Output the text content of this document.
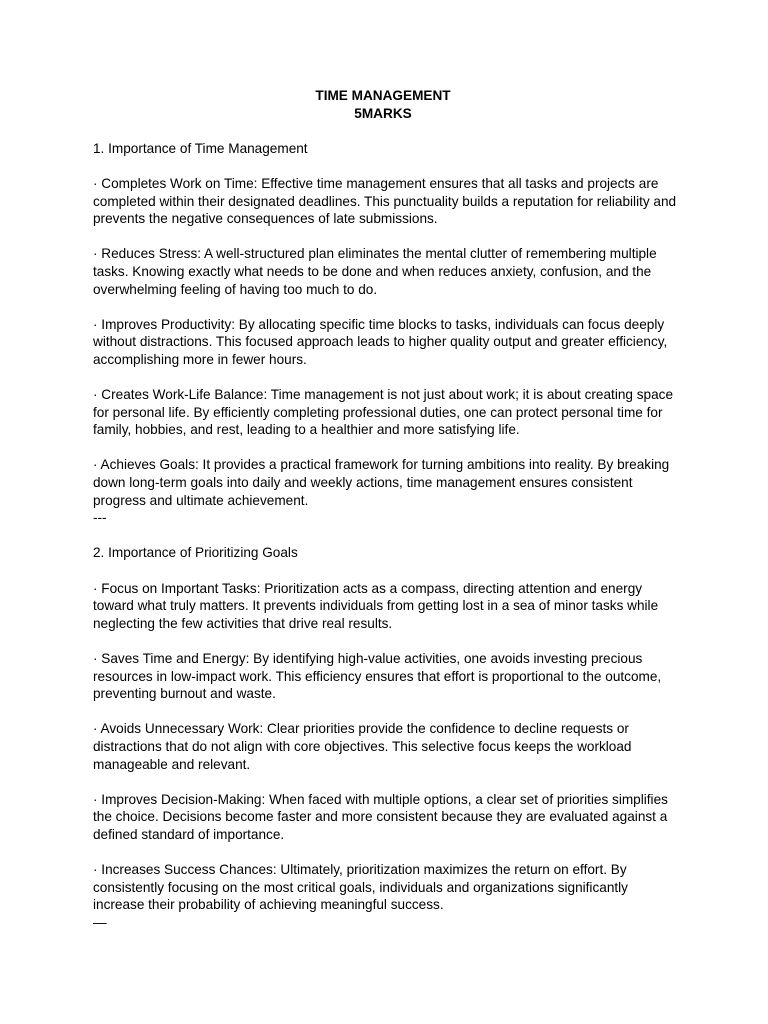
TIME MANAGEMENT
5MARKS

1. Importance of Time Management

· Completes Work on Time: Effective time management ensures that all tasks and projects are completed within their designated deadlines. This punctuality builds a reputation for reliability and prevents the negative consequences of late submissions.

· Reduces Stress: A well-structured plan eliminates the mental clutter of remembering multiple tasks. Knowing exactly what needs to be done and when reduces anxiety, confusion, and the overwhelming feeling of having too much to do.

· Improves Productivity: By allocating specific time blocks to tasks, individuals can focus deeply without distractions. This focused approach leads to higher quality output and greater efficiency, accomplishing more in fewer hours.

· Creates Work-Life Balance: Time management is not just about work; it is about creating space for personal life. By efficiently completing professional duties, one can protect personal time for family, hobbies, and rest, leading to a healthier and more satisfying life.

· Achieves Goals: It provides a practical framework for turning ambitions into reality. By breaking down long-term goals into daily and weekly actions, time management ensures consistent progress and ultimate achievement.

---

2. Importance of Prioritizing Goals

· Focus on Important Tasks: Prioritization acts as a compass, directing attention and energy toward what truly matters. It prevents individuals from getting lost in a sea of minor tasks while neglecting the few activities that drive real results.

· Saves Time and Energy: By identifying high-value activities, one avoids investing precious resources in low-impact work. This efficiency ensures that effort is proportional to the outcome, preventing burnout and waste.

· Avoids Unnecessary Work: Clear priorities provide the confidence to decline requests or distractions that do not align with core objectives. This selective focus keeps the workload manageable and relevant.

· Improves Decision-Making: When faced with multiple options, a clear set of priorities simplifies the choice. Decisions become faster and more consistent because they are evaluated against a defined standard of importance.

· Increases Success Chances: Ultimately, prioritization maximizes the return on effort. By consistently focusing on the most critical goals, individuals and organizations significantly increase their probability of achieving meaningful success.

—
